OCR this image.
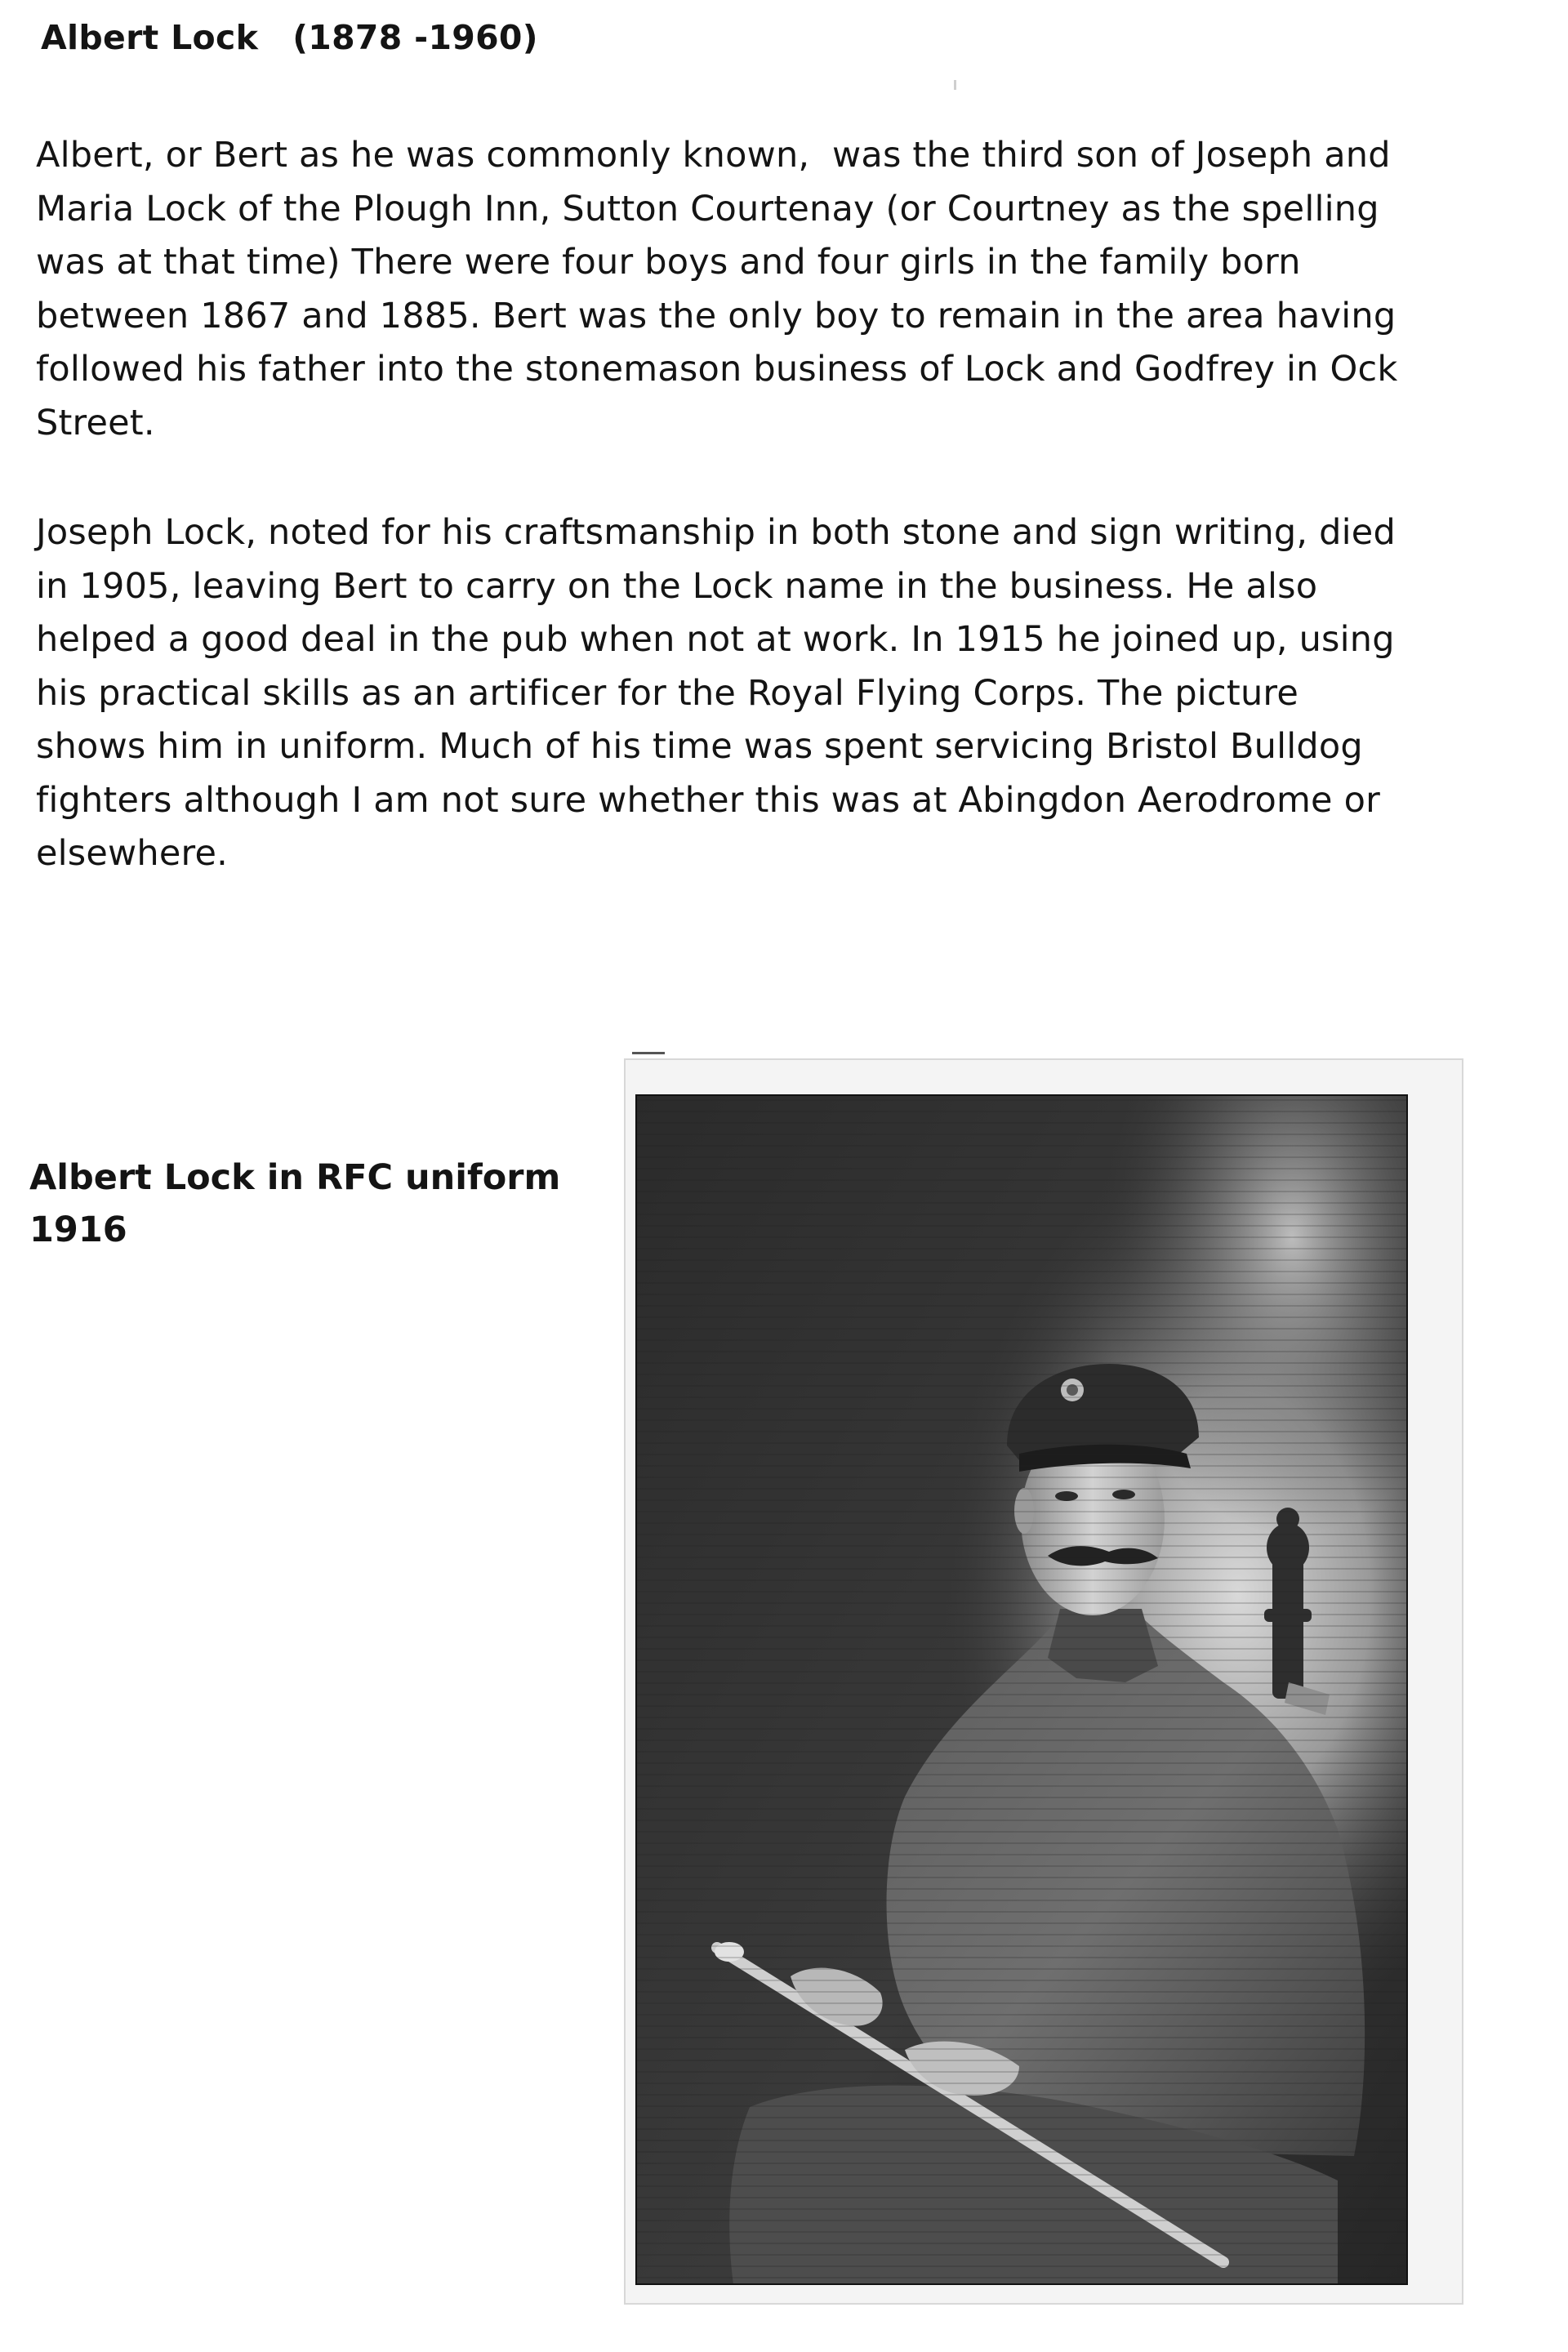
Albert Lock (1878 -1960)
Albert, or Bert as he was commonly known,  was the third son of Joseph and
Maria Lock of the Plough Inn, Sutton Courtenay (or Courtney as the spelling
was at that time) There were four boys and four girls in the family born
between 1867 and 1885. Bert was the only boy to remain in the area having
followed his father into the stonemason business of Lock and Godfrey in Ock
Street.
Joseph Lock, noted for his craftsmanship in both stone and sign writing, died
in 1905, leaving Bert to carry on the Lock name in the business. He also
helped a good deal in the pub when not at work. In 1915 he joined up, using
his practical skills as an artificer for the Royal Flying Corps. The picture
shows him in uniform. Much of his time was spent servicing Bristol Bulldog
fighters although I am not sure whether this was at Abingdon Aerodrome or
elsewhere.
Albert Lock in RFC uniform
1916
